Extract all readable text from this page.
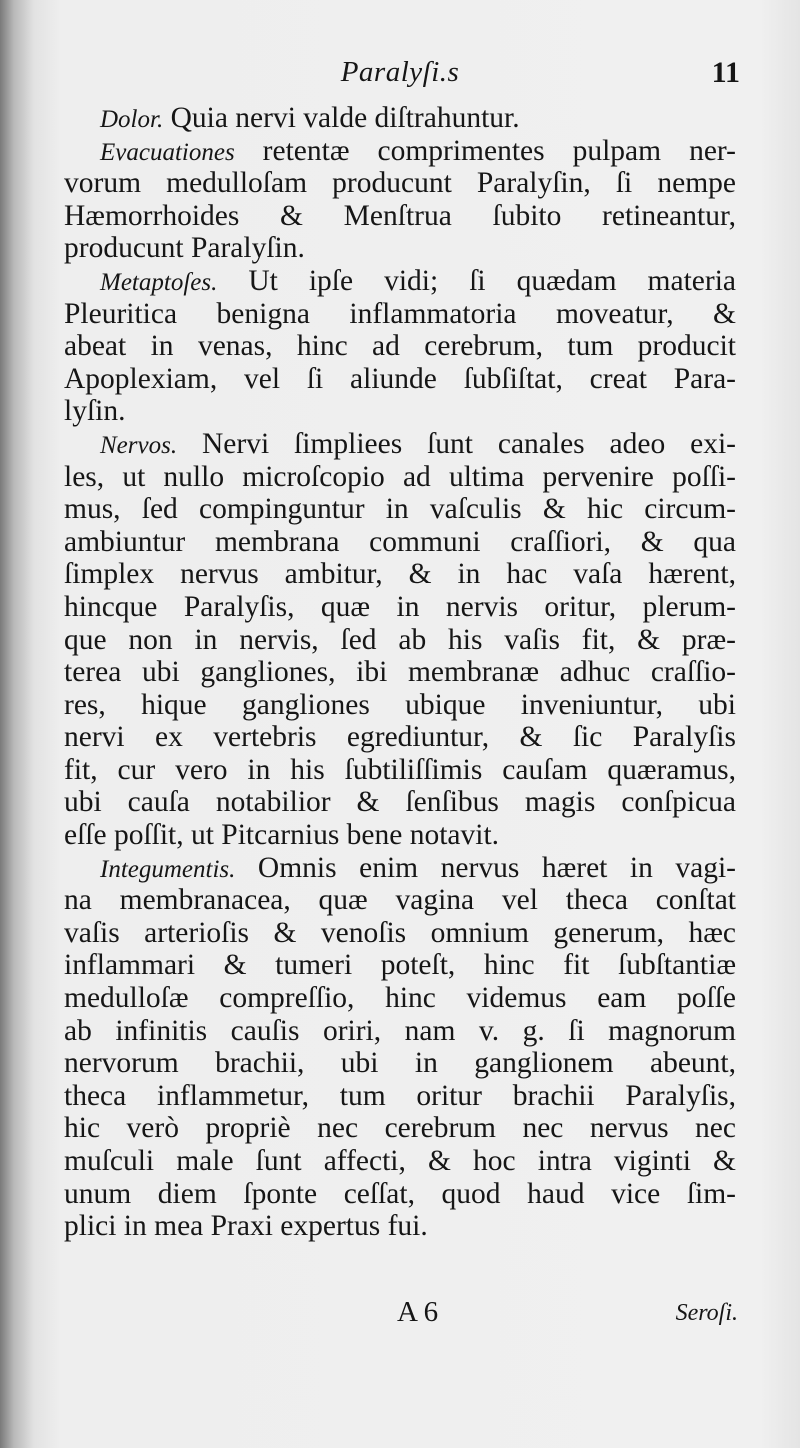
Paralyſi.s	11
Dolor. Quia nervi valde diſtrahuntur.
Evacuationes retentæ comprimentes pulpam ner-
vorum medulloſam producunt Paralyſin, ſi nempe
Hæmorrhoides & Menſtrua ſubito retineantur,
producunt Paralyſin.
Metaptoſes. Ut ipſe vidi; ſi quædam materia
Pleuritica benigna inflammatoria moveatur, &
abeat in venas, hinc ad cerebrum, tum producit
Apoplexiam, vel ſi aliunde ſubſiſtat, creat Para-
lyſin.
Nervos. Nervi ſimpliees ſunt canales adeo exi-
les, ut nullo microſcopio ad ultima pervenire poſſi-
mus, ſed compinguntur in vaſculis & hic circum-
ambiuntur membrana communi craſſiori, & qua
ſimplex nervus ambitur, & in hac vaſa hærent,
hincque Paralyſis, quæ in nervis oritur, plerum-
que non in nervis, ſed ab his vaſis fit, & præ-
terea ubi gangliones, ibi membranæ adhuc craſſio-
res, hique gangliones ubique inveniuntur, ubi
nervi ex vertebris egrediuntur, & ſic Paralyſis
fit, cur vero in his ſubtiliſſimis cauſam quæramus,
ubi cauſa notabilior & ſenſibus magis conſpicua
eſſe poſſit, ut Pitcarnius bene notavit.
Integumentis. Omnis enim nervus hæret in vagi-
na membranacea, quæ vagina vel theca conſtat
vaſis arterioſis & venoſis omnium generum, hæc
inflammari & tumeri poteſt, hinc fit ſubſtantiæ
medulloſæ compreſſio, hinc videmus eam poſſe
ab infinitis cauſis oriri, nam v. g. ſi magnorum
nervorum brachii, ubi in ganglionem abeunt,
theca inflammetur, tum oritur brachii Paralyſis,
hic verò propriè nec cerebrum nec nervus nec
muſculi male ſunt affecti, & hoc intra viginti &
unum diem ſponte ceſſat, quod haud vice ſim-
plici in mea Praxi expertus fui.
A 6	Seroſi.
